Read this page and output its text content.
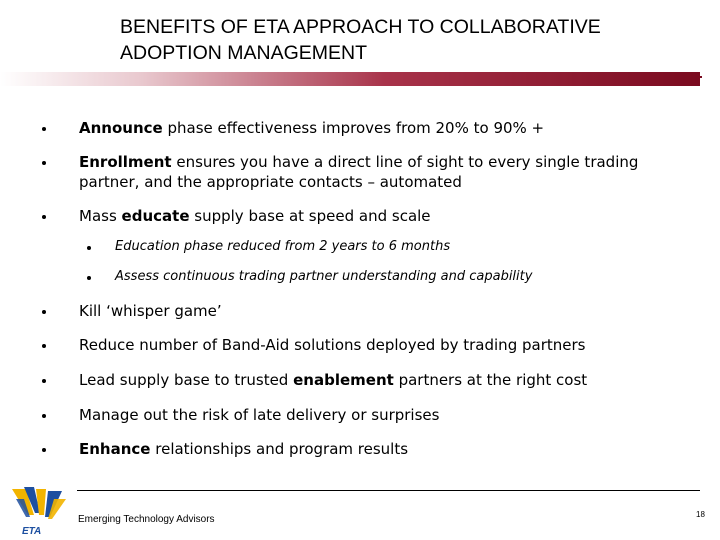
BENEFITS OF ETA APPROACH TO COLLABORATIVE ADOPTION MANAGEMENT
Announce phase effectiveness improves from 20% to 90% +
Enrollment ensures you have a direct line of sight to every single trading partner, and the appropriate contacts – automated
Mass educate supply base at speed and scale
Education phase reduced from 2 years to 6 months
Assess continuous trading partner understanding and capability
Kill ‘whisper game’
Reduce number of Band-Aid solutions deployed by trading partners
Lead supply base to trusted enablement partners at the right cost
Manage out the risk of late delivery or surprises
Enhance relationships and program results
ETA
Emerging Technology Advisors	18
